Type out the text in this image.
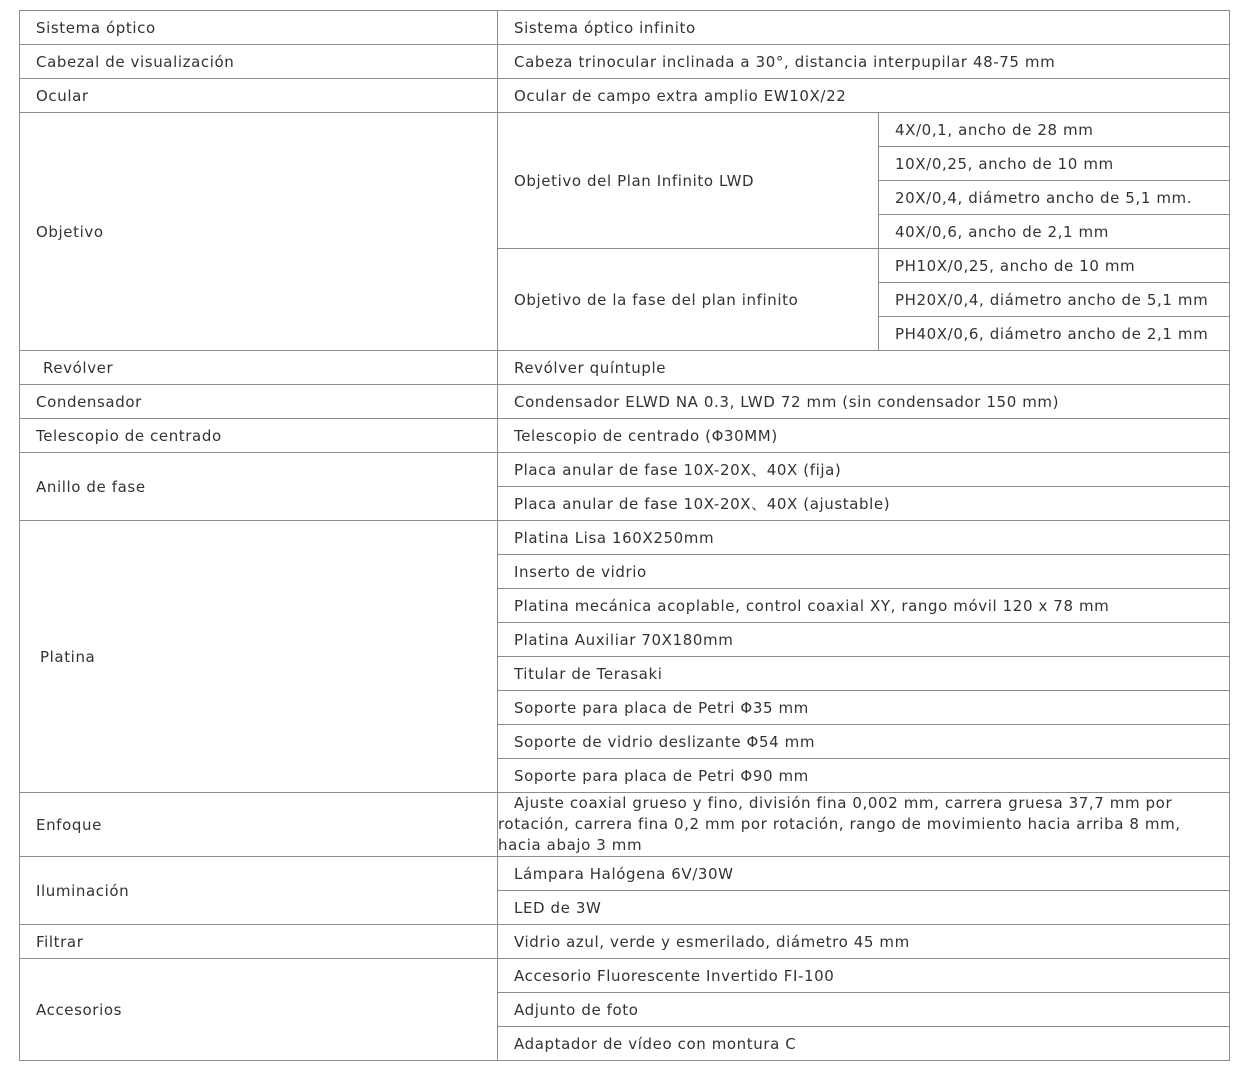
Sistema óptico	Sistema óptico infinito	
Cabezal de visualización	Cabeza trinocular inclinada a 30°, distancia interpupilar 48-75 mm	
Ocular	Ocular de campo extra amplio EW10X/22	
Objetivo	Objetivo del Plan Infinito LWD	4X/0,1, ancho de 28 mm
		10X/0,25, ancho de 10 mm
		20X/0,4, diámetro ancho de 5,1 mm.
		40X/0,6, ancho de 2,1 mm
	Objetivo de la fase del plan infinito	PH10X/0,25, ancho de 10 mm
		PH20X/0,4, diámetro ancho de 5,1 mm
		PH40X/0,6, diámetro ancho de 2,1 mm
Revólver	Revólver quíntuple	
Condensador	Condensador ELWD NA 0.3, LWD 72 mm (sin condensador 150 mm)	
Telescopio de centrado	Telescopio de centrado (Φ30MM)	
Anillo de fase	Placa anular de fase 10X-20X、40X (fija)	
	Placa anular de fase 10X-20X、40X (ajustable)	
Platina	Platina Lisa 160X250mm	
	Inserto de vidrio	
	Platina mecánica acoplable, control coaxial XY, rango móvil 120 x 78 mm	
	Platina Auxiliar 70X180mm	
	Titular de Terasaki	
	Soporte para placa de Petri Φ35 mm	
	Soporte de vidrio deslizante Φ54 mm	
	Soporte para placa de Petri Φ90 mm	
Enfoque	Ajuste coaxial grueso y fino, división fina 0,002 mm, carrera gruesa 37,7 mm por rotación, carrera fina 0,2 mm por rotación, rango de movimiento hacia arriba 8 mm, hacia abajo 3 mm	
Iluminación	Lámpara Halógena 6V/30W	
	LED de 3W	
Filtrar	Vidrio azul, verde y esmerilado, diámetro 45 mm	
Accesorios	Accesorio Fluorescente Invertido FI-100	
	Adjunto de foto	
	Adaptador de vídeo con montura C	
